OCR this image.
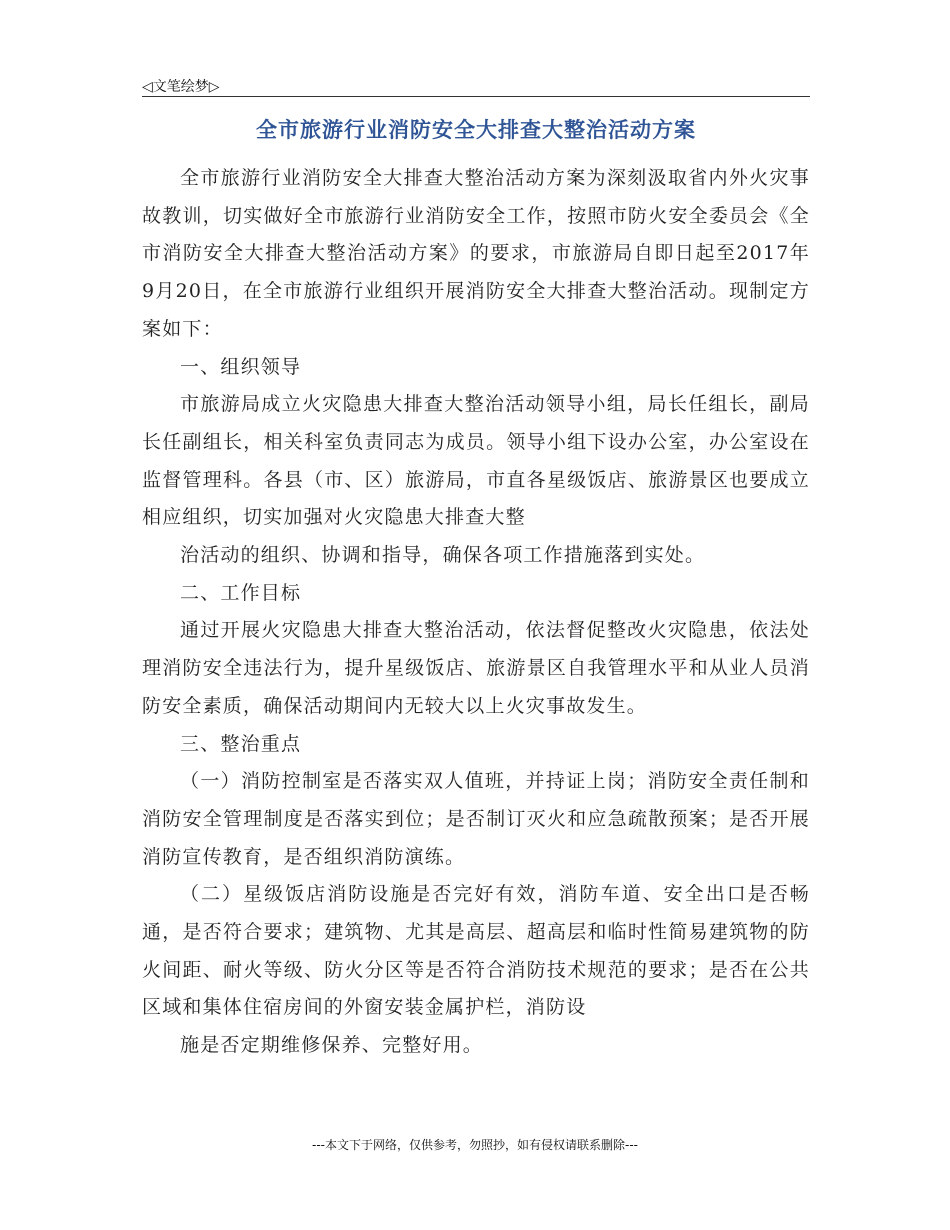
◁文笔绘梦▷
全市旅游行业消防安全大排查大整治活动方案

全市旅游行业消防安全大排查大整治活动方案为深刻汲取省内外火灾事故教训，切实做好全市旅游行业消防安全工作，按照市防火安全委员会《全市消防安全大排查大整治活动方案》的要求，市旅游局自即日起至2017年9月20日，在全市旅游行业组织开展消防安全大排查大整治活动。现制定方案如下：

一、组织领导

市旅游局成立火灾隐患大排查大整治活动领导小组，局长任组长，副局长任副组长，相关科室负责同志为成员。领导小组下设办公室，办公室设在监督管理科。各县（市、区）旅游局，市直各星级饭店、旅游景区也要成立相应组织，切实加强对火灾隐患大排查大整

治活动的组织、协调和指导，确保各项工作措施落到实处。

二、工作目标

通过开展火灾隐患大排查大整治活动，依法督促整改火灾隐患，依法处理消防安全违法行为，提升星级饭店、旅游景区自我管理水平和从业人员消防安全素质，确保活动期间内无较大以上火灾事故发生。

三、整治重点

（一）消防控制室是否落实双人值班，并持证上岗；消防安全责任制和消防安全管理制度是否落实到位；是否制订灭火和应急疏散预案；是否开展消防宣传教育，是否组织消防演练。

（二）星级饭店消防设施是否完好有效，消防车道、安全出口是否畅通，是否符合要求；建筑物、尤其是高层、超高层和临时性简易建筑物的防火间距、耐火等级、防火分区等是否符合消防技术规范的要求；是否在公共区域和集体住宿房间的外窗安装金属护栏，消防设

施是否定期维修保养、完整好用。

---本文下于网络，仅供参考，勿照抄，如有侵权请联系删除---
